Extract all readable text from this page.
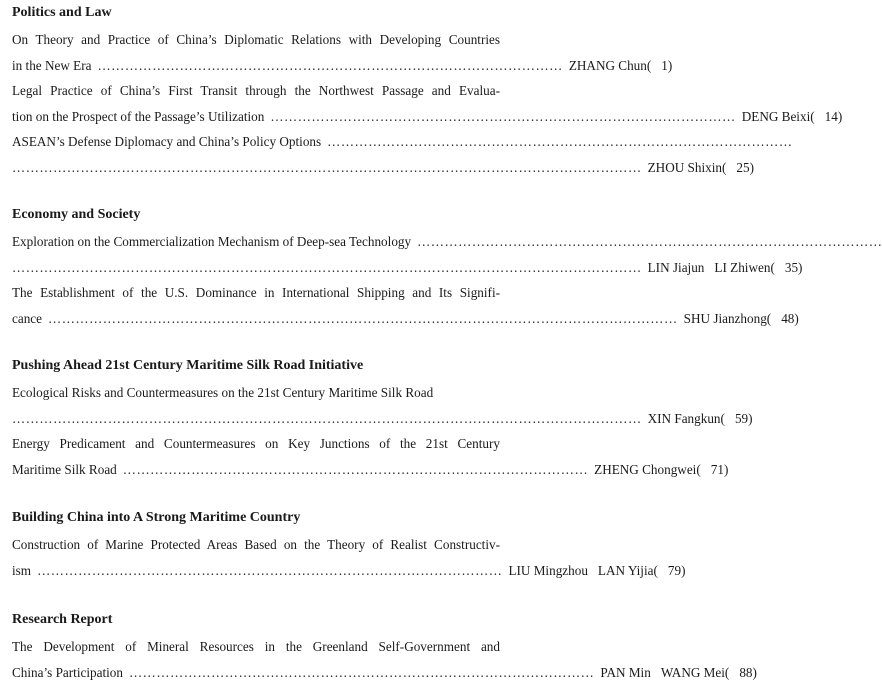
Politics and Law
On Theory and Practice of China’s Diplomatic Relations with Developing Countries
in the New Era ………………………………………………………………………………………… ZHANG Chun( 1)
Legal Practice of China’s First Transit through the Northwest Passage and Evalua-
tion on the Prospect of the Passage’s Utilization ………………………………………………………………………………………… DENG Beixi( 14)
ASEAN’s Defense Diplomacy and China’s Policy Options …………………………………………………………………………………………
………………………………………………………………………………………………………………………… ZHOU Shixin( 25)
Economy and Society
Exploration on the Commercialization Mechanism of Deep-sea Technology …………………………………………………………………………………………
………………………………………………………………………………………………………………………… LIN Jiajun LI Zhiwen( 35)
The Establishment of the U.S. Dominance in International Shipping and Its Signifi-
cance ………………………………………………………………………………………………………………………… SHU Jianzhong( 48)
Pushing Ahead 21st Century Maritime Silk Road Initiative
Ecological Risks and Countermeasures on the 21st Century Maritime Silk Road
………………………………………………………………………………………………………………………… XIN Fangkun( 59)
Energy Predicament and Countermeasures on Key Junctions of the 21st Century
Maritime Silk Road ………………………………………………………………………………………… ZHENG Chongwei( 71)
Building China into A Strong Maritime Country
Construction of Marine Protected Areas Based on the Theory of Realist Constructiv-
ism ………………………………………………………………………………………… LIU Mingzhou LAN Yijia( 79)
Research Report
The Development of Mineral Resources in the Greenland Self-Government and
China’s Participation ………………………………………………………………………………………… PAN Min WANG Mei( 88)
